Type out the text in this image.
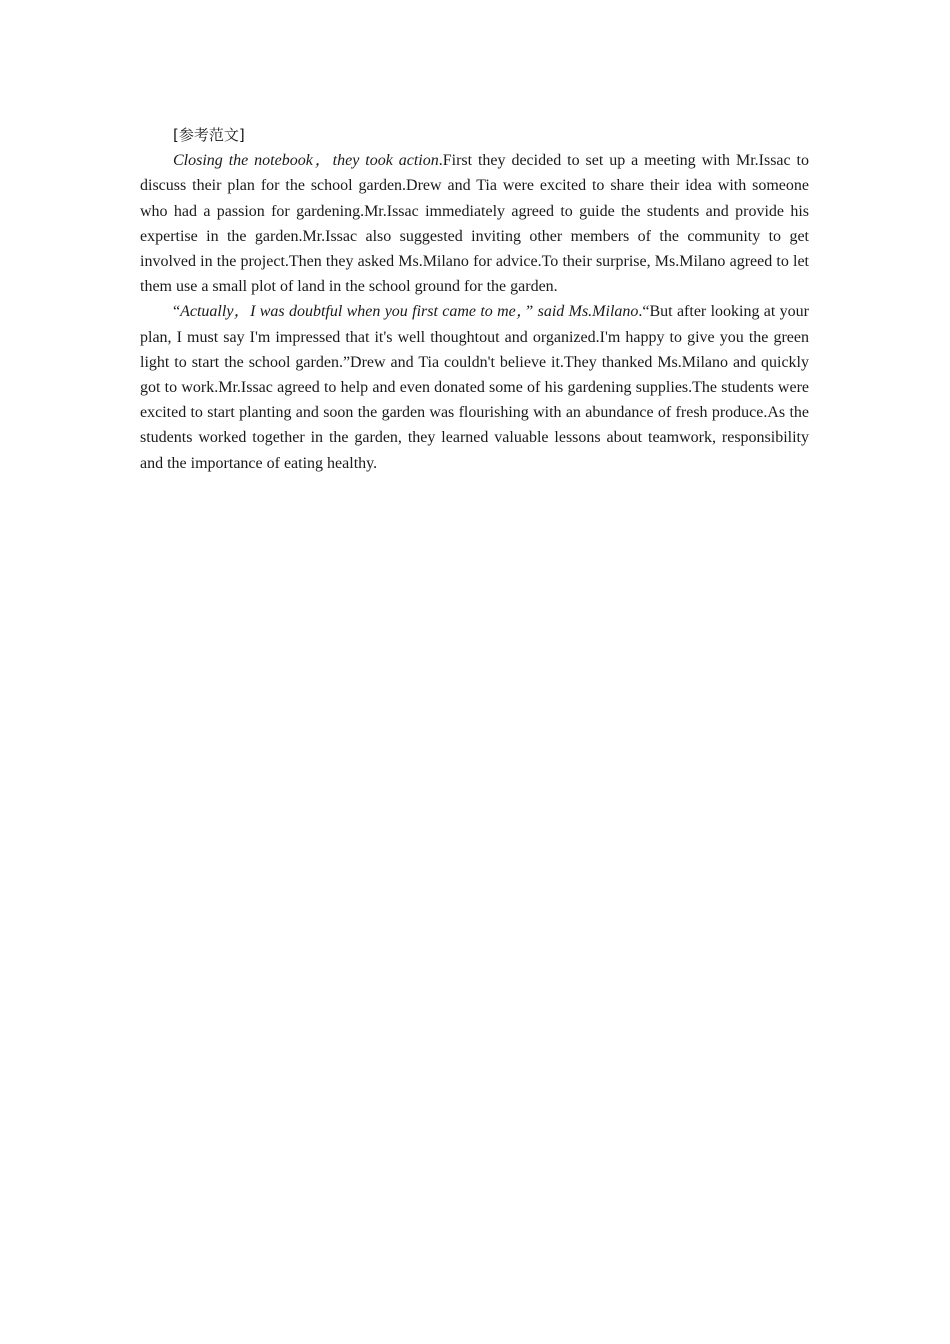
[参考范文]

Closing the notebook，they took action.First they decided to set up a meeting with Mr.Issac to discuss their plan for the school garden.Drew and Tia were excited to share their idea with someone who had a passion for gardening.Mr.Issac immediately agreed to guide the students and provide his expertise in the garden.Mr.Issac also suggested inviting other members of the community to get involved in the project.Then they asked Ms.Milano for advice.To their surprise, Ms.Milano agreed to let them use a small plot of land in the school ground for the garden.

“Actually，I was doubtful when you first came to me，” said Ms.Milano.“But after looking at your plan, I must say I'm impressed that it's well thoughtout and organized.I'm happy to give you the green light to start the school garden.”Drew and Tia couldn't believe it.They thanked Ms.Milano and quickly got to work.Mr.Issac agreed to help and even donated some of his gardening supplies.The students were excited to start planting and soon the garden was flourishing with an abundance of fresh produce.As the students worked together in the garden, they learned valuable lessons about teamwork, responsibility and the importance of eating healthy.
